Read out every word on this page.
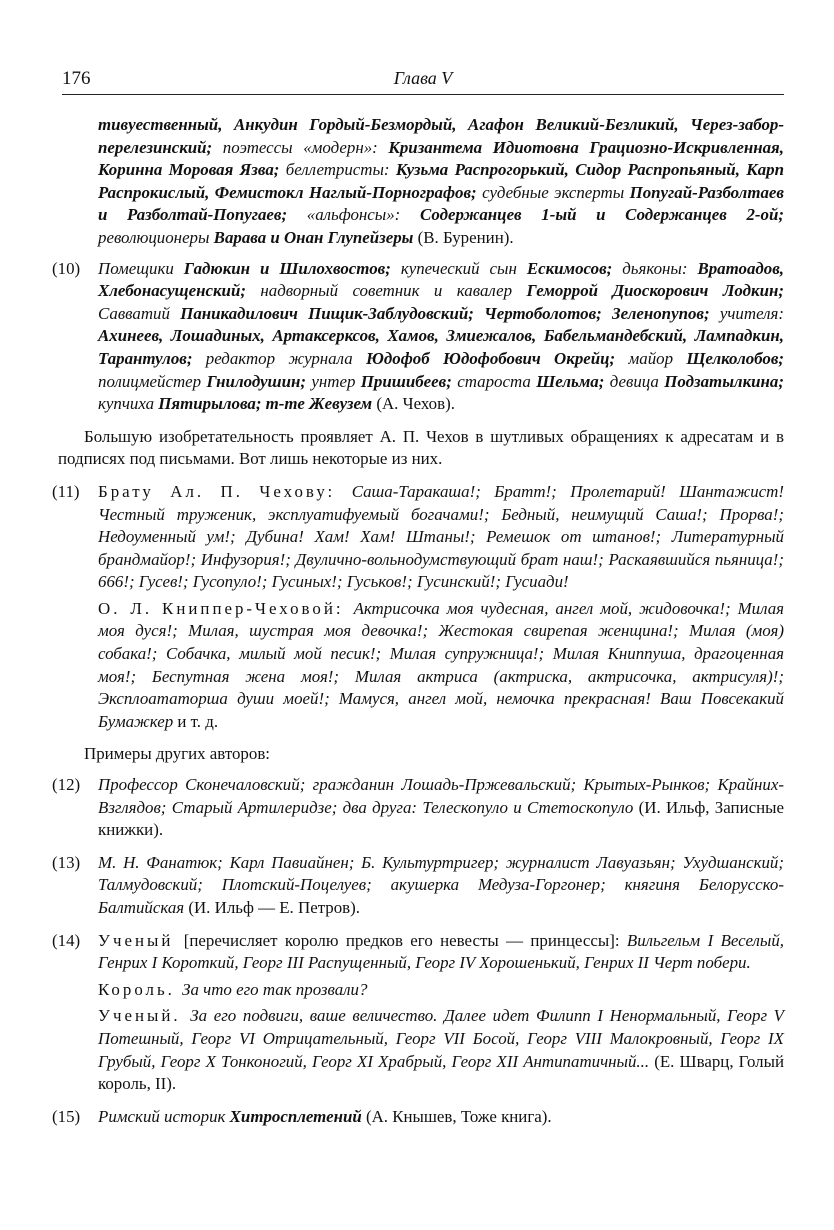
176	Глава V
тивуественный, Анкудин Гордый-Безмордый, Агафон Великий-Безликий, Через-забор-перелезинский; поэтессы «модерн»: Кризантема Идиотовна Грациозно-Искривленная, Коринна Моровая Язва; беллетристы: Кузьма Распрогорький, Сидор Распропьяный, Карп Распрокислый, Фемистокл Наглый-Порнографов; судебные эксперты Попугай-Разболтаев и Разболтай-Попугаев; «альфонсы»: Содержанцев 1-ый и Содержанцев 2-ой; революционеры Варава и Онан Глупейзеры (В. Буренин).
(10) Помещики Гадюкин и Шилохвостов; купеческий сын Ескимосов; дьяконы: Вратоадов, Хлебонасущенский; надворный советник и кавалер Геморрой Диоскорович Лодкин; Савватий Паникадилович Пищик-Заблудовский; Чертоболотов; Зеленопупов; учителя: Ахинеев, Лошадиных, Артаксерксов, Хамов, Змиежалов, Бабельмандебский, Лампадкин, Тарантулов; редактор журнала Юдофоб Юдофобович Окрейц; майор Щелколобов; полицмейстер Гнилодушин; унтер Пришибеев; староста Шельма; девица Подзатылкина; купчиха Пятирылова; т-те Жевузем (А. Чехов).

Большую изобретательность проявляет А. П. Чехов в шутливых обращениях к адресатам и в подписях под письмами. Вот лишь некоторые из них.

(11) Брату Ал. П. Чехову: Саша-Таракаша!; Братт!; Пролетарий! Шантажист! Честный труженик, эксплуатифуемый богачами!; Бедный, неимущий Саша!; Прорва!; Недоуменный ум!; Дубина! Хам! Хам! Штаны!; Ремешок от штанов!; Литературный брандмайор!; Инфузория!; Двулично-вольнодумствующий брат наш!; Раскаявшийся пьяница!; 666!; Гусев!; Гусопуло!; Гусиных!; Гуськов!; Гусинский!; Гусиади!
О. Л. Книппер-Чеховой: Актрисочка моя чудесная, ангел мой, жидовочка!; Милая моя дуся!; Милая, шустрая моя девочка!; Жестокая свирепая женщина!; Милая (моя) собака!; Собачка, милый мой песик!; Милая супружница!; Милая Книппуша, драгоценная моя!; Беспутная жена моя!; Милая актриса (актриска, актрисочка, актрисуля)!; Эксплоататорша души моей!; Мамуся, ангел мой, немочка прекрасная! Ваш Повсекакий Бумажкер и т. д.

Примеры других авторов:

(12) Профессор Сконечаловский; гражданин Лошадь-Пржевальский; Крытых-Рынков; Крайних-Взглядов; Старый Артилеридзе; два друга: Телескопуло и Стетоскопуло (И. Ильф, Записные книжки).
(13) М. Н. Фанатюк; Карл Павиайнен; Б. Культуртригер; журналист Лавуазьян; Ухудшанский; Талмудовский; Плотский-Поцелуев; акушерка Медуза-Горгонер; княгиня Белорусско-Балтийская (И. Ильф — Е. Петров).
(14) Ученый [перечисляет королю предков его невесты — принцессы]: Вильгельм I Веселый, Генрих I Короткий, Георг III Распущенный, Георг IV Хорошенький, Генрих II Черт побери.
Король. За что его так прозвали?
Ученый. За его подвиги, ваше величество. Далее идет Филипп I Ненормальный, Георг V Потешный, Георг VI Отрицательный, Георг VII Босой, Георг VIII Малокровный, Георг IX Грубый, Георг X Тонконогий, Георг XI Храбрый, Георг XII Антипатичный... (Е. Шварц, Голый король, II).
(15) Римский историк Хитросплетений (А. Кнышев, Тоже книга).
